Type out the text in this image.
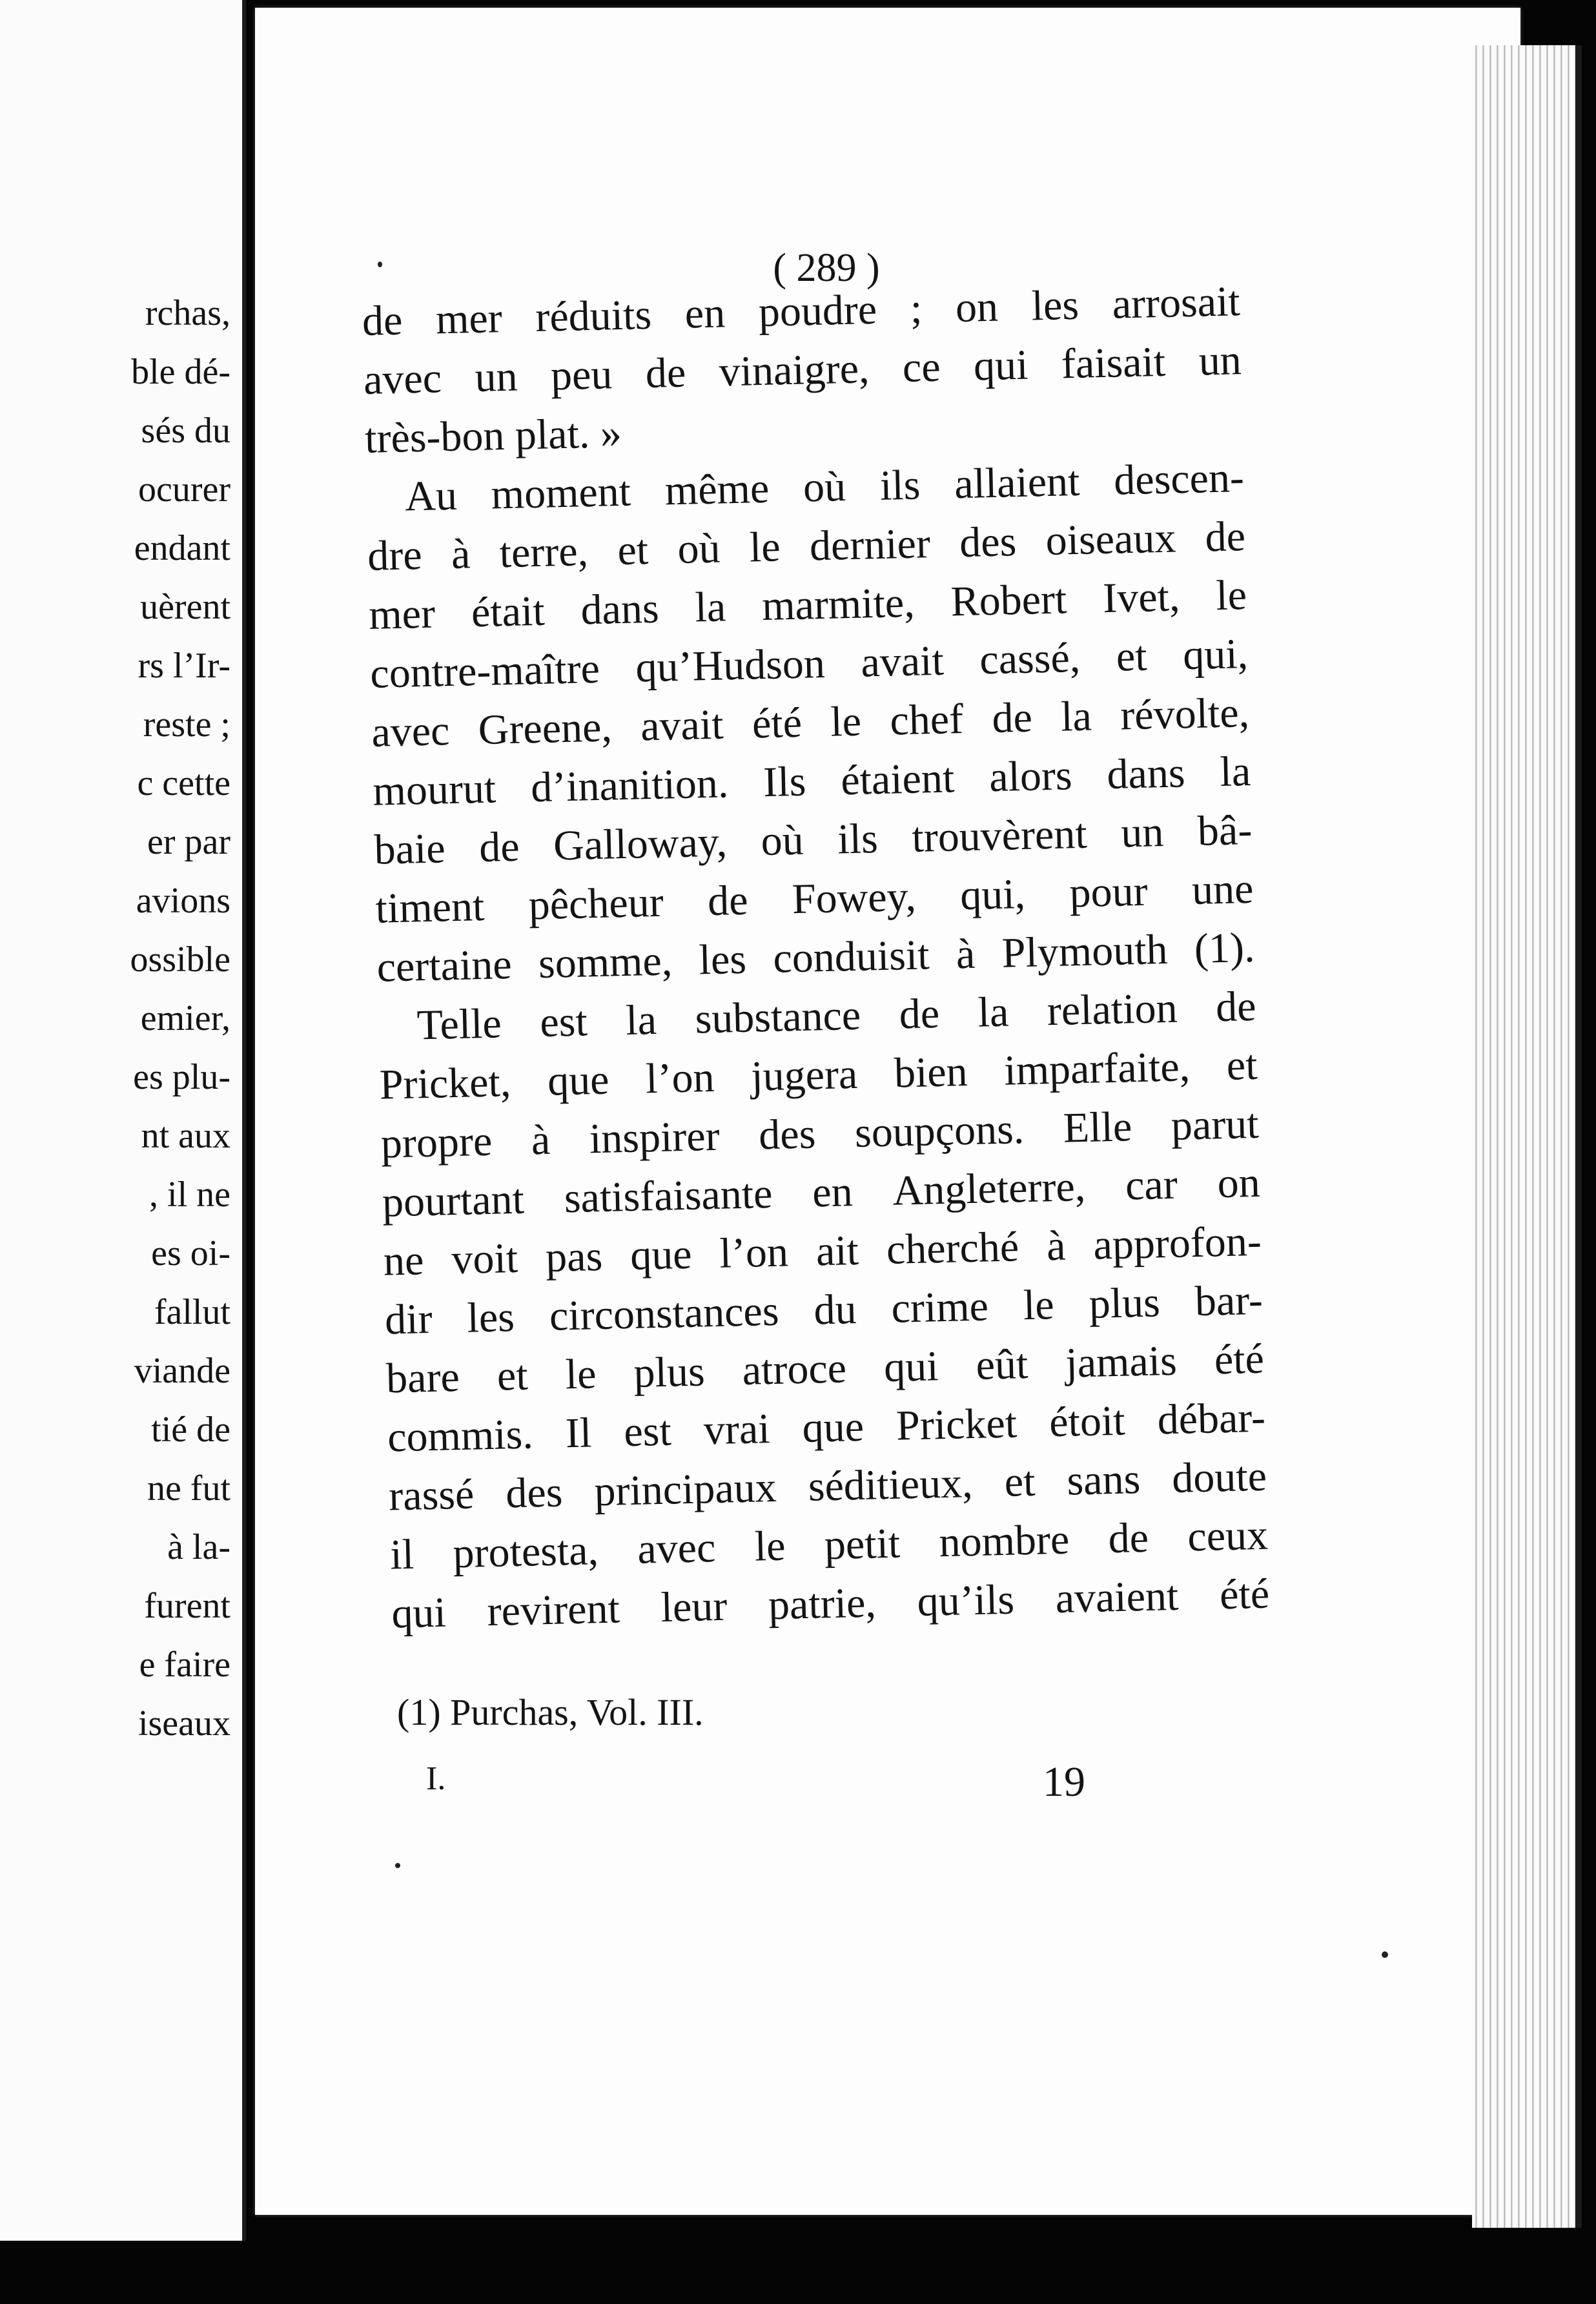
rchas,
ble dé-
sés du
ocurer
endant
uèrent
rs l’Ir-
reste ;
c cette
er par
avions
ossible
emier,
es plu-
nt aux
, il ne
es oi-
fallut
viande
tié de
ne fut
à la-
furent
e faire
iseaux
( 289 )
de mer réduits en poudre ; on les arrosait
avec un peu de vinaigre, ce qui faisait un
très-bon plat. »
Au moment même où ils allaient descen-
dre à terre, et où le dernier des oiseaux de
mer était dans la marmite, Robert Ivet, le
contre-maître qu’Hudson avait cassé, et qui,
avec Greene, avait été le chef de la révolte,
mourut d’inanition. Ils étaient alors dans la
baie de Galloway, où ils trouvèrent un bâ-
timent pêcheur de Fowey, qui, pour une
certaine somme, les conduisit à Plymouth (1).
Telle est la substance de la relation de
Pricket, que l’on jugera bien imparfaite, et
propre à inspirer des soupçons. Elle parut
pourtant satisfaisante en Angleterre, car on
ne voit pas que l’on ait cherché à approfon-
dir les circonstances du crime le plus bar-
bare et le plus atroce qui eût jamais été
commis. Il est vrai que Pricket étoit débar-
rassé des principaux séditieux, et sans doute
il protesta, avec le petit nombre de ceux
qui revirent leur patrie, qu’ils avaient été
(1) Purchas, Vol. III.
I.	19
